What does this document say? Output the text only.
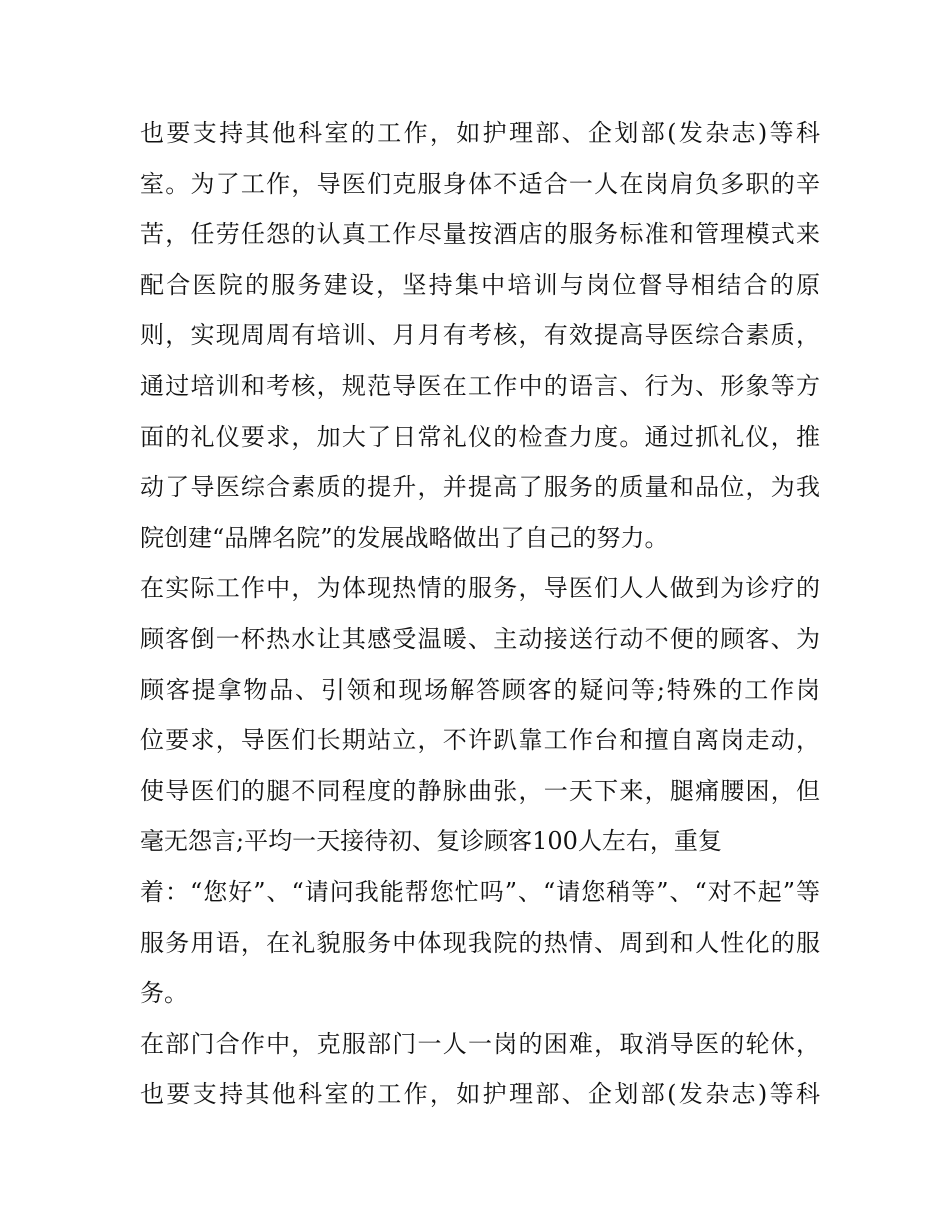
也要支持其他科室的工作，如护理部、企划部(发杂志)等科
室。为了工作，导医们克服身体不适合一人在岗肩负多职的辛
苦，任劳任怨的认真工作尽量按酒店的服务标准和管理模式来
配合医院的服务建设，坚持集中培训与岗位督导相结合的原
则，实现周周有培训、月月有考核，有效提高导医综合素质，
通过培训和考核，规范导医在工作中的语言、行为、形象等方
面的礼仪要求，加大了日常礼仪的检查力度。通过抓礼仪，推
动了导医综合素质的提升，并提高了服务的质量和品位，为我
院创建“品牌名院”的发展战略做出了自己的努力。
在实际工作中，为体现热情的服务，导医们人人做到为诊疗的
顾客倒一杯热水让其感受温暖、主动接送行动不便的顾客、为
顾客提拿物品、引领和现场解答顾客的疑问等;特殊的工作岗
位要求，导医们长期站立，不许趴靠工作台和擅自离岗走动，
使导医们的腿不同程度的静脉曲张，一天下来，腿痛腰困，但
毫无怨言;平均一天接待初、复诊顾客100人左右，重复
着：“您好”、“请问我能帮您忙吗”、“请您稍等”、“对不起”等
服务用语，在礼貌服务中体现我院的热情、周到和人性化的服
务。
在部门合作中，克服部门一人一岗的困难，取消导医的轮休，
也要支持其他科室的工作，如护理部、企划部(发杂志)等科
